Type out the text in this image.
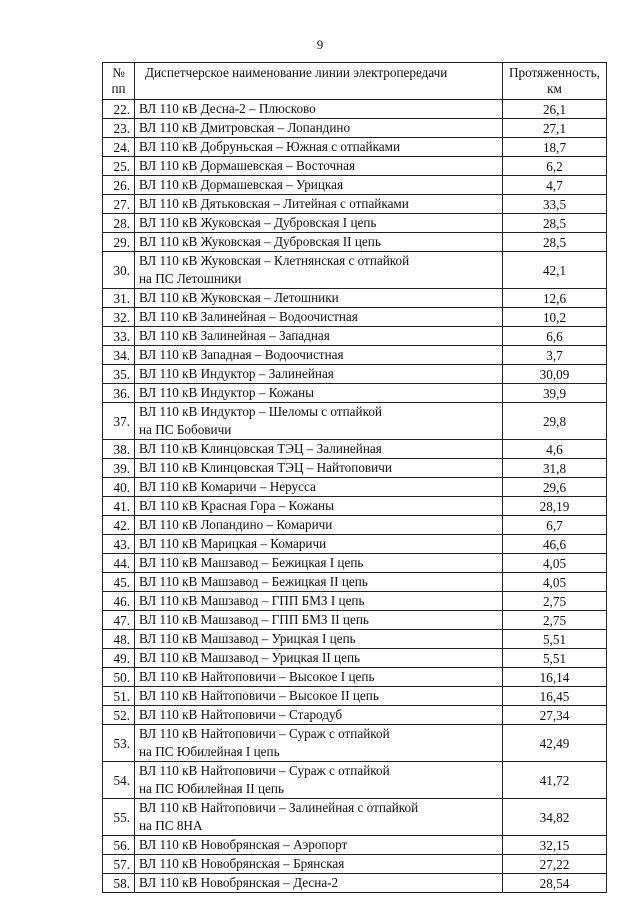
9
№
пп	Диспетчерское наименование линии электропередачи	Протяженность,
км
22.	ВЛ 110 кВ Десна-2 – Плюсково	26,1
23.	ВЛ 110 кВ Дмитровская – Лопандино	27,1
24.	ВЛ 110 кВ Добруньская – Южная с отпайками	18,7
25.	ВЛ 110 кВ Дормашевская – Восточная	6,2
26.	ВЛ 110 кВ Дормашевская – Урицкая	4,7
27.	ВЛ 110 кВ Дятьковская – Литейная с отпайками	33,5
28.	ВЛ 110 кВ Жуковская – Дубровская I цепь	28,5
29.	ВЛ 110 кВ Жуковская – Дубровская II цепь	28,5
30.	ВЛ 110 кВ Жуковская – Клетнянская с отпайкой
на ПС Летошники	42,1
31.	ВЛ 110 кВ Жуковская – Летошники	12,6
32.	ВЛ 110 кВ Залинейная – Водоочистная	10,2
33.	ВЛ 110 кВ Залинейная – Западная	6,6
34.	ВЛ 110 кВ Западная – Водоочистная	3,7
35.	ВЛ 110 кВ Индуктор – Залинейная	30,09
36.	ВЛ 110 кВ Индуктор – Кожаны	39,9
37.	ВЛ 110 кВ Индуктор – Шеломы с отпайкой
на ПС Бобовичи	29,8
38.	ВЛ 110 кВ Клинцовская ТЭЦ – Залинейная	4,6
39.	ВЛ 110 кВ Клинцовская ТЭЦ – Найтоповичи	31,8
40.	ВЛ 110 кВ Комаричи – Нерусса	29,6
41.	ВЛ 110 кВ Красная Гора – Кожаны	28,19
42.	ВЛ 110 кВ Лопандино – Комаричи	6,7
43.	ВЛ 110 кВ Марицкая – Комаричи	46,6
44.	ВЛ 110 кВ Машзавод – Бежицкая I цепь	4,05
45.	ВЛ 110 кВ Машзавод – Бежицкая II цепь	4,05
46.	ВЛ 110 кВ Машзавод – ГПП БМЗ I цепь	2,75
47.	ВЛ 110 кВ Машзавод – ГПП БМЗ II цепь	2,75
48.	ВЛ 110 кВ Машзавод – Урицкая I цепь	5,51
49.	ВЛ 110 кВ Машзавод – Урицкая II цепь	5,51
50.	ВЛ 110 кВ Найтоповичи – Высокое I цепь	16,14
51.	ВЛ 110 кВ Найтоповичи – Высокое II цепь	16,45
52.	ВЛ 110 кВ Найтоповичи – Стародуб	27,34
53.	ВЛ 110 кВ Найтоповичи – Сураж с отпайкой
на ПС Юбилейная I цепь	42,49
54.	ВЛ 110 кВ Найтоповичи – Сураж с отпайкой
на ПС Юбилейная II цепь	41,72
55.	ВЛ 110 кВ Найтоповичи – Залинейная с отпайкой
на ПС 8НА	34,82
56.	ВЛ 110 кВ Новобрянская – Аэропорт	32,15
57.	ВЛ 110 кВ Новобрянская – Брянская	27,22
58.	ВЛ 110 кВ Новобрянская – Десна-2	28,54
